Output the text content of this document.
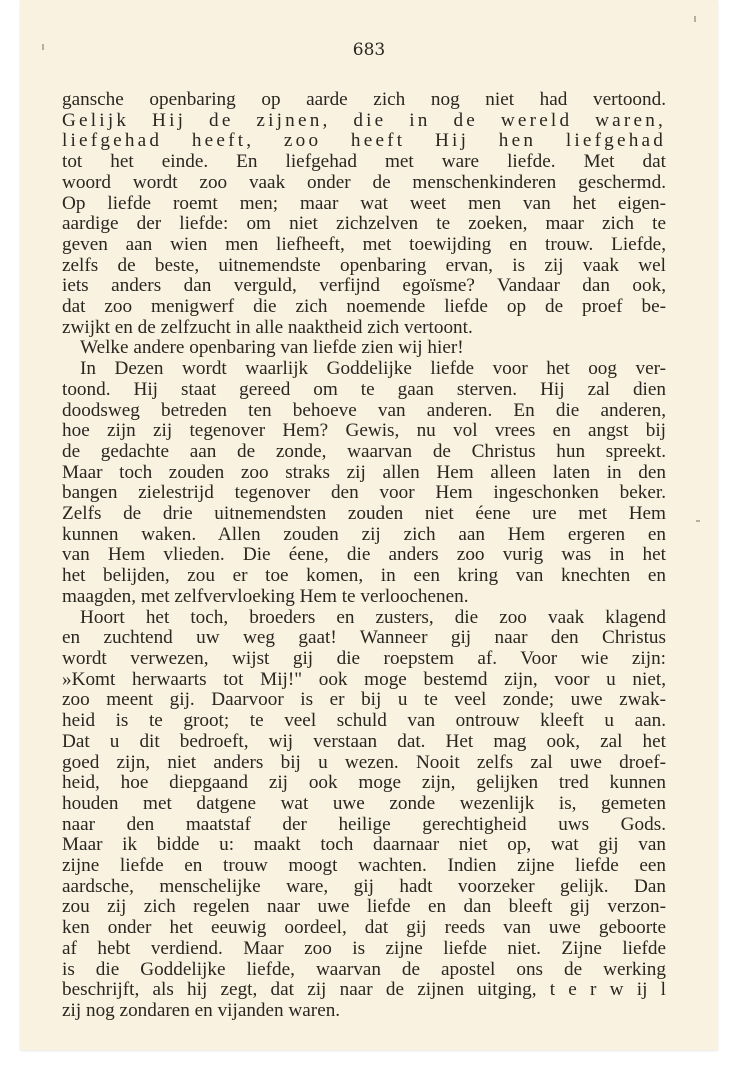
683
gansche openbaring op aarde zich nog niet had vertoond.
Gelijk Hij de zijnen, die in de wereld waren,
liefgehad heeft, zoo heeft Hij hen liefgehad
tot het einde. En liefgehad met ware liefde. Met dat
woord wordt zoo vaak onder de menschenkinderen geschermd.
Op liefde roemt men; maar wat weet men van het eigen-
aardige der liefde: om niet zichzelven te zoeken, maar zich te
geven aan wien men liefheeft, met toewijding en trouw. Liefde,
zelfs de beste, uitnemendste openbaring ervan, is zij vaak wel
iets anders dan verguld, verfijnd egoïsme? Vandaar dan ook,
dat zoo menigwerf die zich noemende liefde op de proef be-
zwijkt en de zelfzucht in alle naaktheid zich vertoont.
Welke andere openbaring van liefde zien wij hier!
In Dezen wordt waarlijk Goddelijke liefde voor het oog ver-
toond. Hij staat gereed om te gaan sterven. Hij zal dien
doodsweg betreden ten behoeve van anderen. En die anderen,
hoe zijn zij tegenover Hem? Gewis, nu vol vrees en angst bij
de gedachte aan de zonde, waarvan de Christus hun spreekt.
Maar toch zouden zoo straks zij allen Hem alleen laten in den
bangen zielestrijd tegenover den voor Hem ingeschonken beker.
Zelfs de drie uitnemendsten zouden niet éene ure met Hem
kunnen waken. Allen zouden zij zich aan Hem ergeren en
van Hem vlieden. Die éene, die anders zoo vurig was in het
het belijden, zou er toe komen, in een kring van knechten en
maagden, met zelfvervloeking Hem te verloochenen.
Hoort het toch, broeders en zusters, die zoo vaak klagend
en zuchtend uw weg gaat! Wanneer gij naar den Christus
wordt verwezen, wijst gij die roepstem af. Voor wie zijn:
»Komt herwaarts tot Mij!" ook moge bestemd zijn, voor u niet,
zoo meent gij. Daarvoor is er bij u te veel zonde; uwe zwak-
heid is te groot; te veel schuld van ontrouw kleeft u aan.
Dat u dit bedroeft, wij verstaan dat. Het mag ook, zal het
goed zijn, niet anders bij u wezen. Nooit zelfs zal uwe droef-
heid, hoe diepgaand zij ook moge zijn, gelijken tred kunnen
houden met datgene wat uwe zonde wezenlijk is, gemeten
naar den maatstaf der heilige gerechtigheid uws Gods.
Maar ik bidde u: maakt toch daarnaar niet op, wat gij van
zijne liefde en trouw moogt wachten. Indien zijne liefde een
aardsche, menschelijke ware, gij hadt voorzeker gelijk. Dan
zou zij zich regelen naar uwe liefde en dan bleeft gij verzon-
ken onder het eeuwig oordeel, dat gij reeds van uwe geboorte
af hebt verdiend. Maar zoo is zijne liefde niet. Zijne liefde
is die Goddelijke liefde, waarvan de apostel ons de werking
beschrijft, als hij zegt, dat zij naar de zijnen uitging, t e r w ij l
zij nog zondaren en vijanden waren.
